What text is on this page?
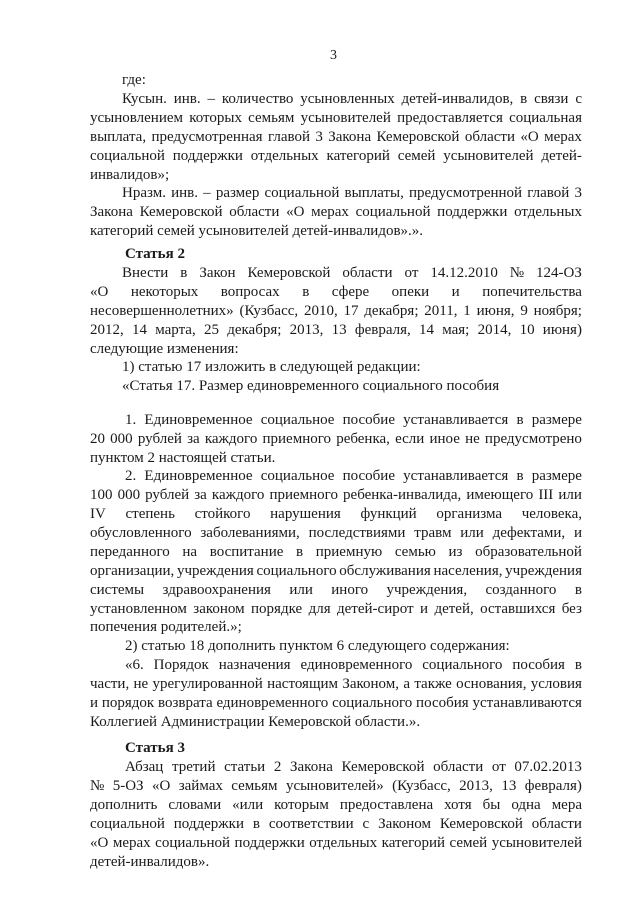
3
где:
Кусын. инв. – количество усыновленных детей-инвалидов, в связи с
усыновлением которых семьям усыновителей предоставляется социальная
выплата, предусмотренная главой 3 Закона Кемеровской области «О мерах
социальной поддержки отдельных категорий семей усыновителей детей-
инвалидов»;
Нразм. инв. – размер социальной выплаты, предусмотренной главой 3
Закона Кемеровской области «О мерах социальной поддержки отдельных
категорий семей усыновителей детей-инвалидов».».
Статья 2
Внести в Закон Кемеровской области от 14.12.2010 № 124-ОЗ
«О некоторых вопросах в сфере опеки и попечительства
несовершеннолетних» (Кузбасс, 2010, 17 декабря; 2011, 1 июня, 9 ноября;
2012, 14 марта, 25 декабря; 2013, 13 февраля, 14 мая; 2014, 10 июня)
следующие изменения:
1) статью 17 изложить в следующей редакции:
«Статья 17. Размер единовременного социального пособия
1. Единовременное социальное пособие устанавливается в размере
20 000 рублей за каждого приемного ребенка, если иное не предусмотрено
пунктом 2 настоящей статьи.
2. Единовременное социальное пособие устанавливается в размере
100 000 рублей за каждого приемного ребенка-инвалида, имеющего III или
IV степень стойкого нарушения функций организма человека,
обусловленного заболеваниями, последствиями травм или дефектами, и
переданного на воспитание в приемную семью из образовательной
организации, учреждения социального обслуживания населения, учреждения
системы здравоохранения или иного учреждения, созданного в
установленном законом порядке для детей-сирот и детей, оставшихся без
попечения родителей.»;
2) статью 18 дополнить пунктом 6 следующего содержания:
«6. Порядок назначения единовременного социального пособия в
части, не урегулированной настоящим Законом, а также основания, условия
и порядок возврата единовременного социального пособия устанавливаются
Коллегией Администрации Кемеровской области.».
Статья 3
Абзац третий статьи 2 Закона Кемеровской области от 07.02.2013
№ 5-ОЗ «О займах семьям усыновителей» (Кузбасс, 2013, 13 февраля)
дополнить словами «или которым предоставлена хотя бы одна мера
социальной поддержки в соответствии с Законом Кемеровской области
«О мерах социальной поддержки отдельных категорий семей усыновителей
детей-инвалидов».
